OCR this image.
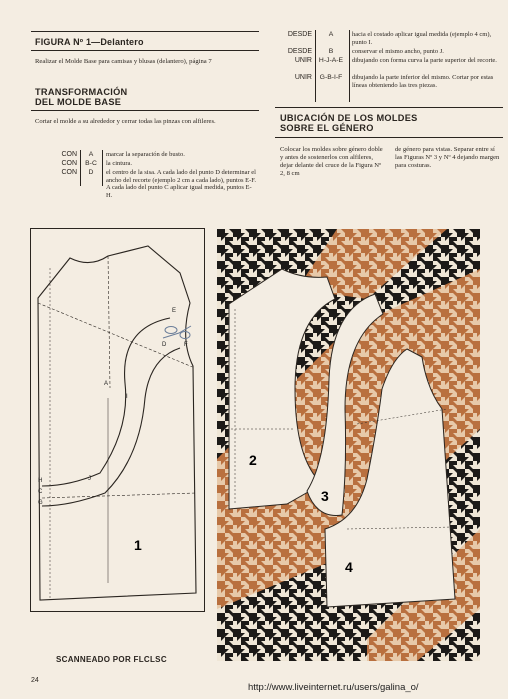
FIGURA Nº 1—Delantero
Realizar el Molde Base para camisas y blusas (delantero), página 7
TRANSFORMACIÓN
DEL MOLDE BASE
Cortar el molde a su alrededor y cerrar todas las pinzas con alfileres.
CON	A	marcar la separación de busto.
CON	B-C	la cintura.
CON	D	el centro de la sisa. A cada lado del punto D determinar el ancho del recorte (ejemplo 2 cm a cada lado), puntos E-F. A cada lado del punto C aplicar igual medida, puntos E-H.
DESDE	A	hacia el costado aplicar igual medida (ejemplo 4 cm), punto I.
DESDE	B	conservar el mismo ancho, punto J.
UNIR	H-J-A-E	dibujando con forma curva la parte superior del recorte.
UNIR	G-B-I-F	dibujando la parte inferior del mismo. Cortar por estas líneas obteniendo las tres piezas.
UBICACIÓN DE LOS MOLDES
SOBRE EL GÉNERO
Colocar los moldes sobre género doble y antes de sostenerlos con alfileres, dejar delante del cruce de la Figura Nº 2, 8 cm
de género para vistas. Separar entre sí las Figuras Nº 3 y Nº 4 dejando margen para costuras.
E
F
D
A
I
J
H
G
C
1
2
3
4
SCANNEADO POR FLCLSC
24
http://www.liveinternet.ru/users/galina_o/
